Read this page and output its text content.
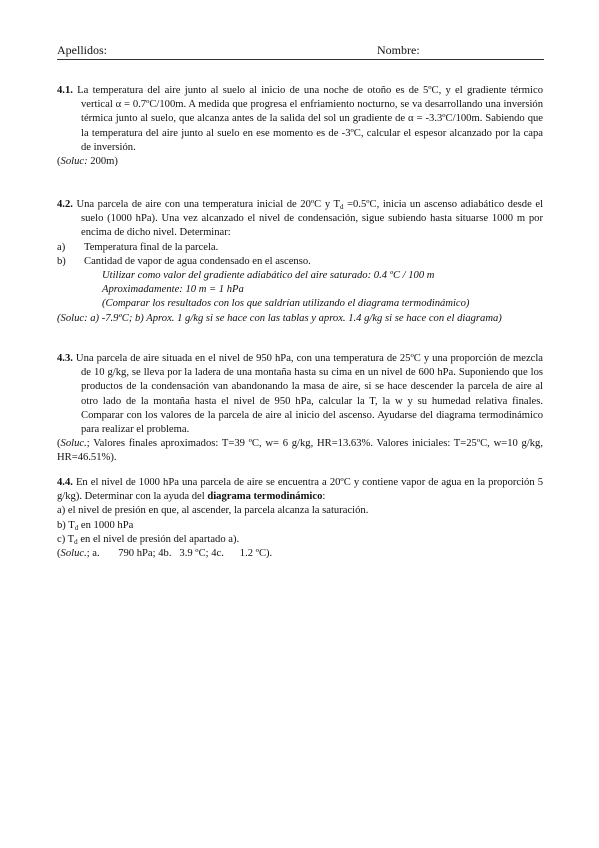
Apellidos:	Nombre:

4.1. La temperatura del aire junto al suelo al inicio de una noche de otoño es de 5ºC, y el gradiente térmico vertical α = 0.7ºC/100m. A medida que progresa el enfriamiento nocturno, se va desarrollando una inversión térmica junto al suelo, que alcanza antes de la salida del sol un gradiente de α = -3.3ºC/100m. Sabiendo que la temperatura del aire junto al suelo en ese momento es de -3ºC, calcular el espesor alcanzado por la capa de inversión.

(Soluc: 200m)

4.2. Una parcela de aire con una temperatura inicial de 20ºC y $T_d$ =0.5ºC, inicia un ascenso adiabático desde el suelo (1000 hPa). Una vez alcanzado el nivel de condensación, sigue subiendo hasta situarse 1000 m por encima de dicho nivel. Determinar:

a) Temperatura final de la parcela.

b) Cantidad de vapor de agua condensado en el ascenso.

Utilizar como valor del gradiente adiabático del aire saturado: 0.4 ºC / 100 m

Aproximadamente: 10 m = 1 hPa

(Comparar los resultados con los que saldrían utilizando el diagrama termodinámico)

(Soluc: a) -7.9ºC; b) Aprox. 1 g/kg si se hace con las tablas y aprox. 1.4 g/kg si se hace con el diagrama)

4.3. Una parcela de aire situada en el nivel de 950 hPa, con una temperatura de 25ºC y una proporción de mezcla de 10 g/kg, se lleva por la ladera de una montaña hasta su cima en un nivel de 600 hPa. Suponiendo que los productos de la condensación van abandonando la masa de aire, si se hace descender la parcela de aire al otro lado de la montaña hasta el nivel de 950 hPa, calcular la T, la w y su humedad relativa finales. Comparar con los valores de la parcela de aire al inicio del ascenso. Ayudarse del diagrama termodinámico para realizar el problema.

(Soluc.; Valores finales aproximados: T=39 ºC, w= 6 g/kg, HR=13.63%. Valores iniciales: T=25ºC, w=10 g/kg, HR=46.51%).

4.4. En el nivel de 1000 hPa una parcela de aire se encuentra a 20ºC y contiene vapor de agua en la proporción 5 g/kg). Determinar con la ayuda del diagrama termodinámico:

a) el nivel de presión en que, al ascender, la parcela alcanza la saturación.

b) $T_d$ en 1000 hPa

c) $T_d$ en el nivel de presión del apartado a).

(Soluc.; a.       790 hPa; 4b.   3.9 ºC; 4c.      1.2 ºC).
